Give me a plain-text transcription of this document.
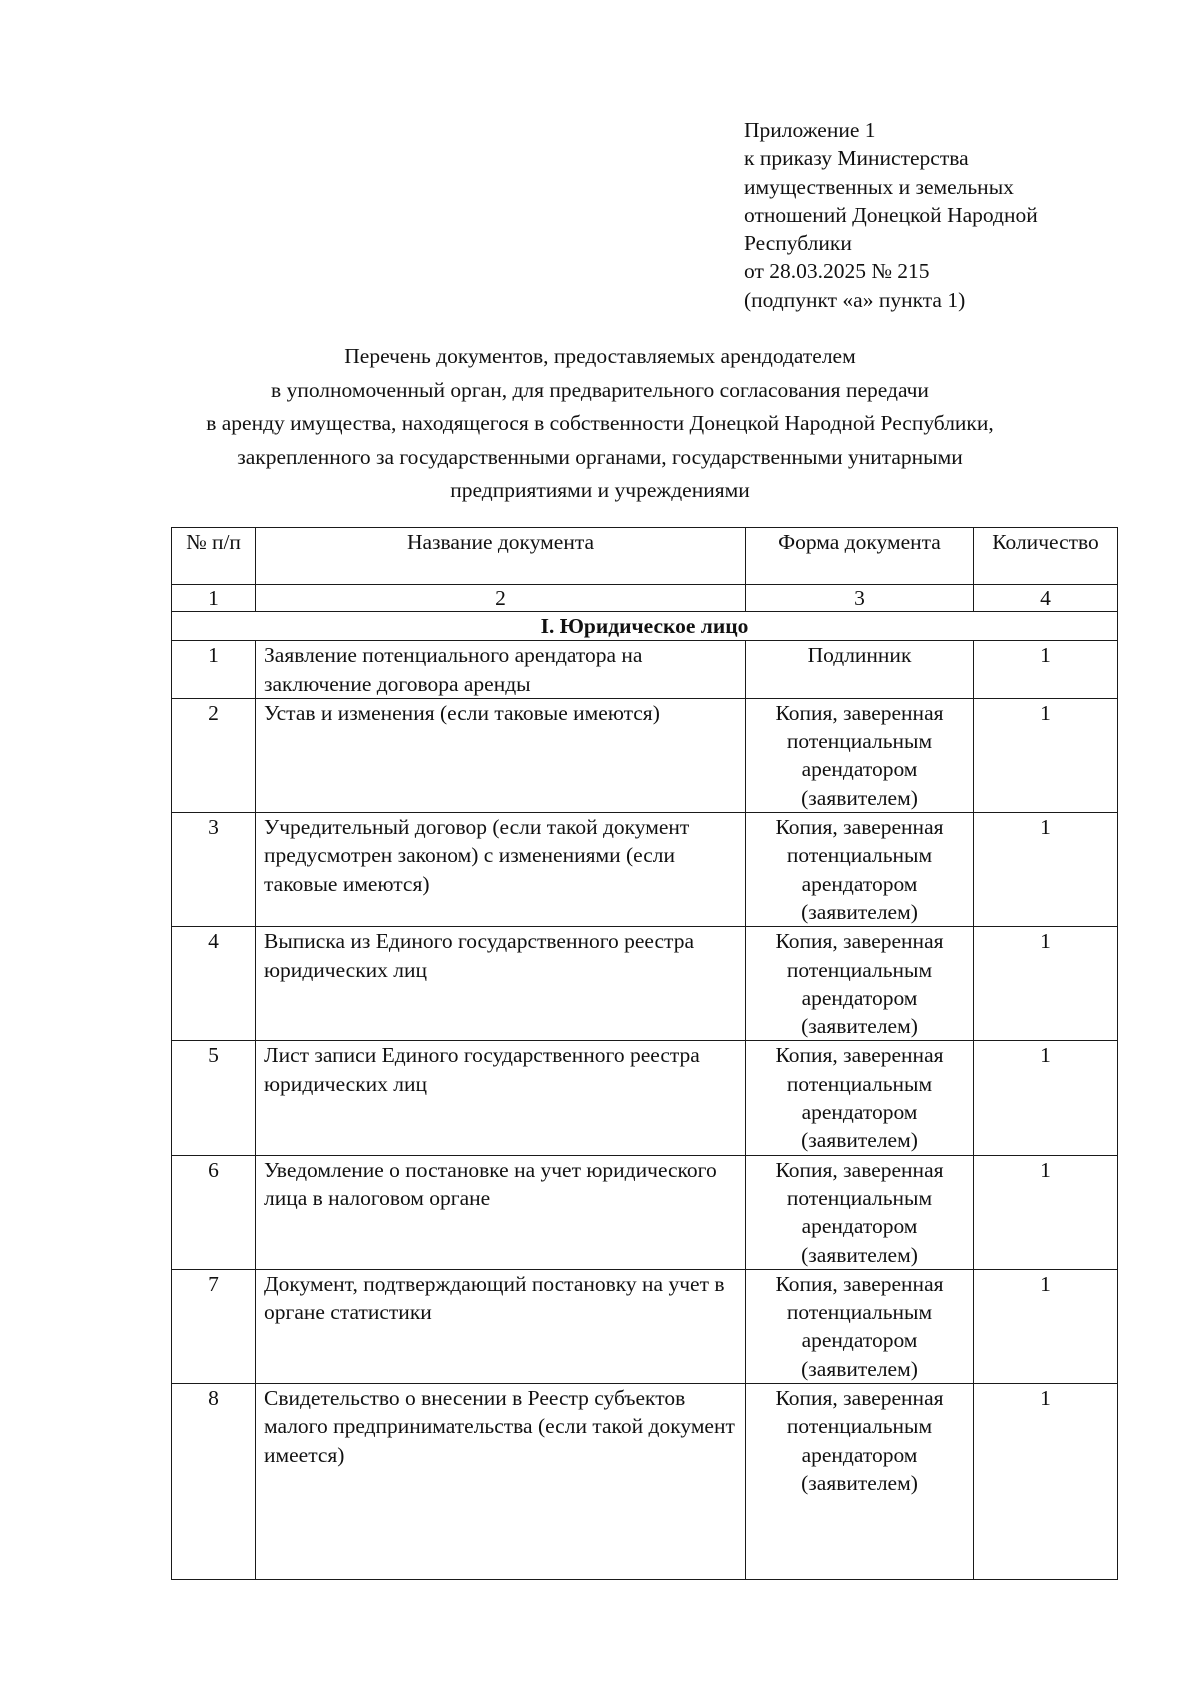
Приложение 1
к приказу Министерства
имущественных и земельных
отношений Донецкой Народной
Республики
от 28.03.2025 № 215
(подпункт «а» пункта 1)
Перечень документов, предоставляемых арендодателем
в уполномоченный орган, для предварительного согласования передачи
в аренду имущества, находящегося в собственности Донецкой Народной Республики,
закрепленного за государственными органами, государственными унитарными
предприятиями и учреждениями
№ п/п	Название документа	Форма документа	Количество
1	2	3	4
I. Юридическое лицо			
1	Заявление потенциального арендатора на заключение договора аренды	Подлинник	1
2	Устав и изменения (если таковые имеются)	Копия, заверенная потенциальным арендатором (заявителем)	1
3	Учредительный договор (если такой документ предусмотрен законом) с изменениями (если таковые имеются)	Копия, заверенная потенциальным арендатором (заявителем)	1
4	Выписка из Единого государственного реестра юридических лиц	Копия, заверенная потенциальным арендатором (заявителем)	1
5	Лист записи Единого государственного реестра юридических лиц	Копия, заверенная потенциальным арендатором (заявителем)	1
6	Уведомление о постановке на учет юридического лица в налоговом органе	Копия, заверенная потенциальным арендатором (заявителем)	1
7	Документ, подтверждающий постановку на учет в органе статистики	Копия, заверенная потенциальным арендатором (заявителем)	1
8	Свидетельство о внесении в Реестр субъектов малого предпринимательства (если такой документ имеется)	Копия, заверенная потенциальным арендатором (заявителем)	1
